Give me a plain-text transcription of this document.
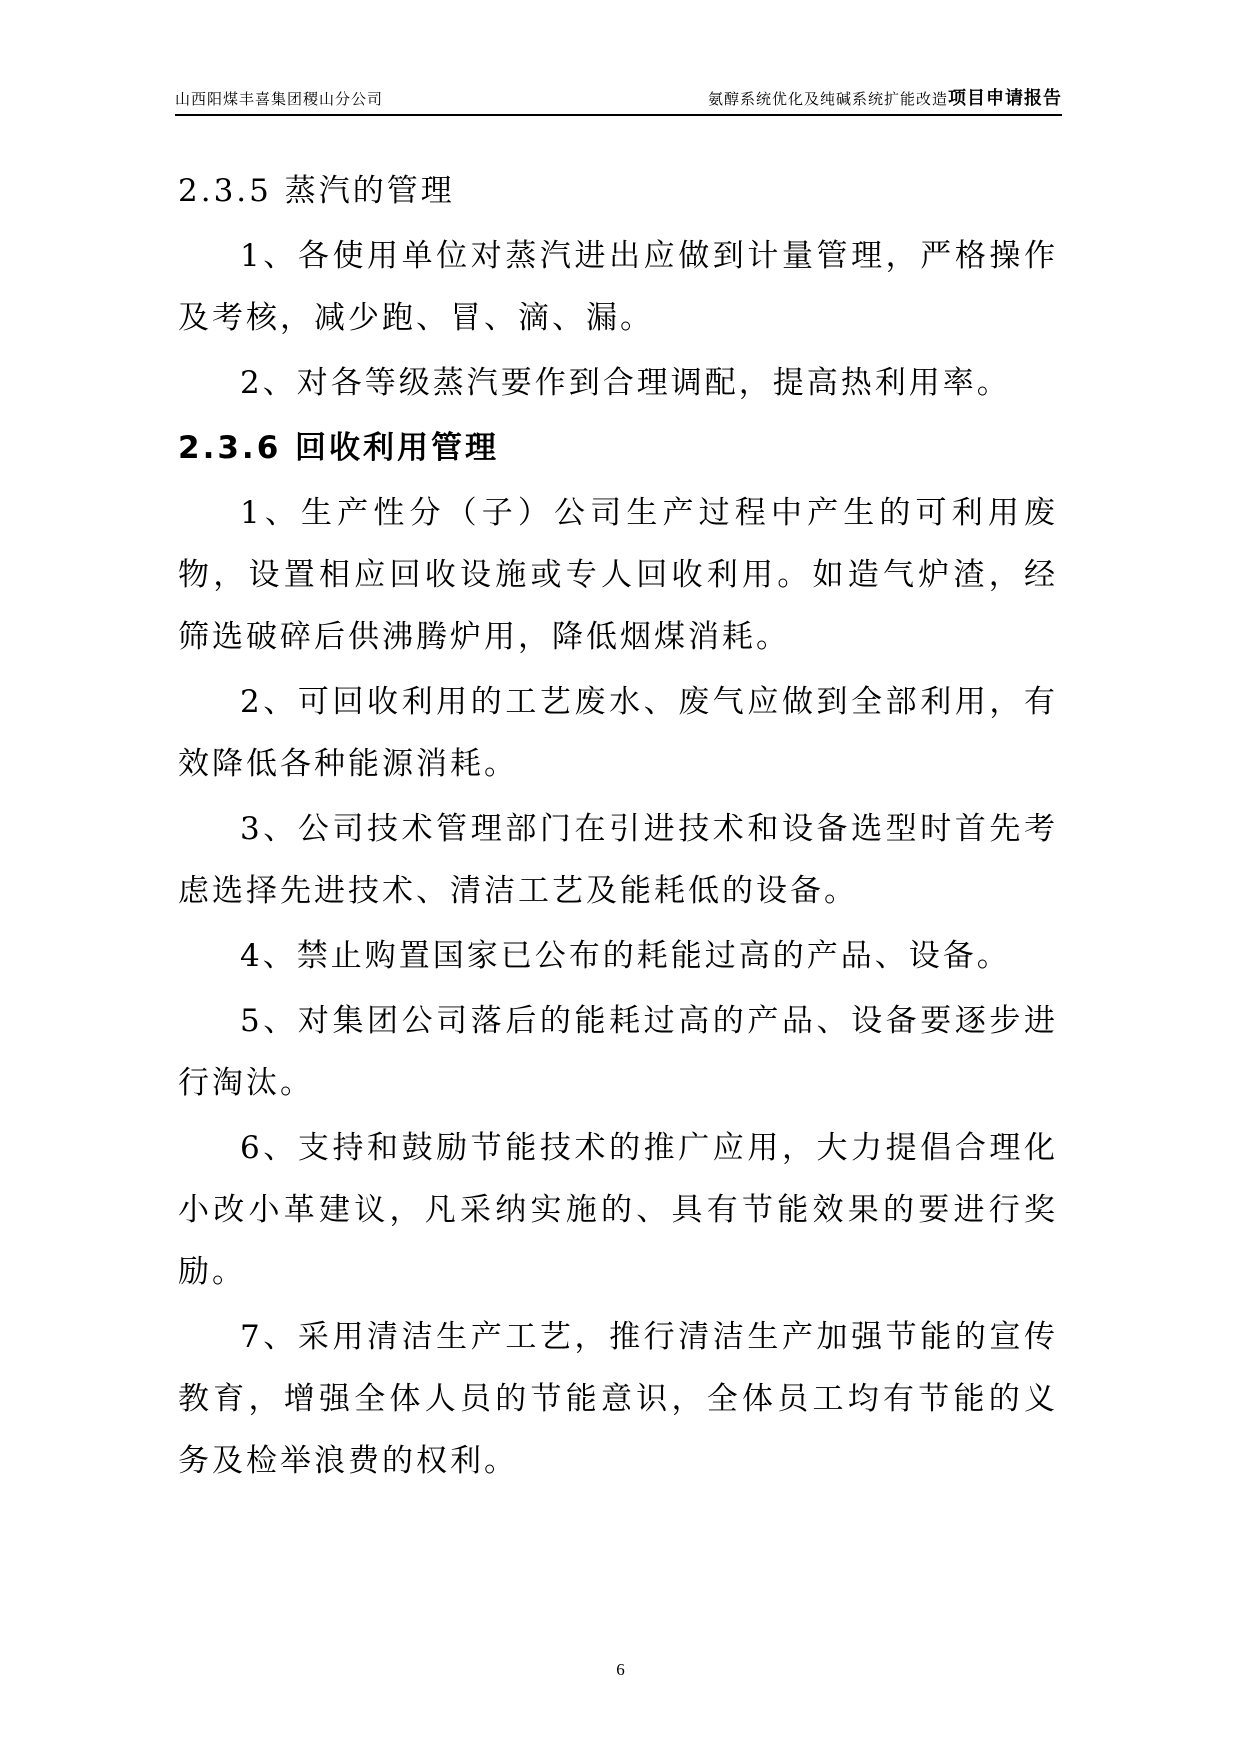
山西阳煤丰喜集团稷山分公司	氨醇系统优化及纯碱系统扩能改造项目申请报告

2.3.5 蒸汽的管理

1、各使用单位对蒸汽进出应做到计量管理，严格操作及考核，减少跑、冒、滴、漏。

2、对各等级蒸汽要作到合理调配，提高热利用率。

2.3.6 回收利用管理

1、生产性分（子）公司生产过程中产生的可利用废物，设置相应回收设施或专人回收利用。如造气炉渣，经筛选破碎后供沸腾炉用，降低烟煤消耗。

2、可回收利用的工艺废水、废气应做到全部利用，有效降低各种能源消耗。

3、公司技术管理部门在引进技术和设备选型时首先考虑选择先进技术、清洁工艺及能耗低的设备。

4、禁止购置国家已公布的耗能过高的产品、设备。

5、对集团公司落后的能耗过高的产品、设备要逐步进行淘汰。

6、支持和鼓励节能技术的推广应用，大力提倡合理化小改小革建议，凡采纳实施的、具有节能效果的要进行奖励。

7、采用清洁生产工艺，推行清洁生产加强节能的宣传教育，增强全体人员的节能意识，全体员工均有节能的义务及检举浪费的权利。

6
